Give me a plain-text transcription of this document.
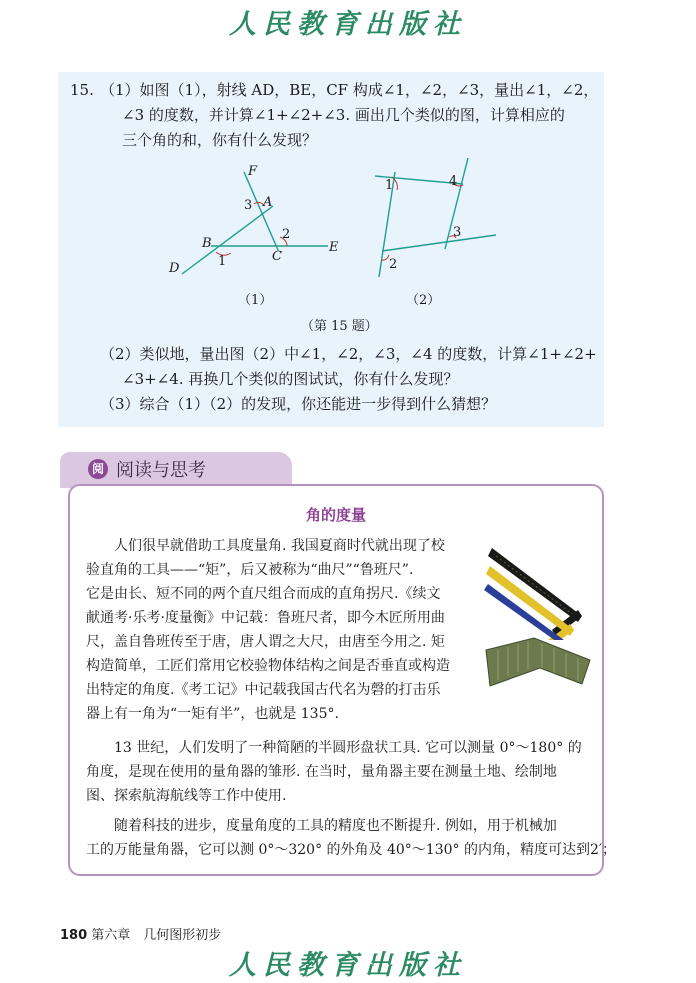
人民教育出版社
15. （1）如图（1），射线 AD，BE，CF 构成∠1，∠2，∠3，量出∠1，∠2，
∠3 的度数，并计算∠1+∠2+∠3. 画出几个类似的图，计算相应的
三个角的和，你有什么发现？
F
A
B
C
D
E
1
2
3
1	4
3
2
（1）	（2）
（第 15 题）
（2）类似地，量出图（2）中∠1，∠2，∠3，∠4 的度数，计算∠1+∠2+
∠3+∠4. 再换几个类似的图试试，你有什么发现？
（3）综合（1）（2）的发现，你还能进一步得到什么猜想？
阅 阅读与思考
角的度量
人们很早就借助工具度量角. 我国夏商时代就出现了校
验直角的工具——“矩”，后又被称为“曲尺”“鲁班尺”.
它是由长、短不同的两个直尺组合而成的直角拐尺.《续文
献通考·乐考·度量衡》中记载：鲁班尺者，即今木匠所用曲
尺，盖自鲁班传至于唐，唐人谓之大尺，由唐至今用之. 矩
构造简单，工匠们常用它校验物体结构之间是否垂直或构造
出特定的角度.《考工记》中记载我国古代名为磬的打击乐
器上有一角为“一矩有半”，也就是 135°.
13 世纪，人们发明了一种简陋的半圆形盘状工具. 它可以测量 0°～180° 的
角度，是现在使用的量角器的雏形. 在当时，量角器主要在测量土地、绘制地
图、探索航海航线等工作中使用.
随着科技的进步，度量角度的工具的精度也不断提升. 例如，用于机械加
工的万能量角器，它可以测 0°～320° 的外角及 40°～130° 的内角，精度可达到2′；
180 第六章　几何图形初步
人民教育出版社
